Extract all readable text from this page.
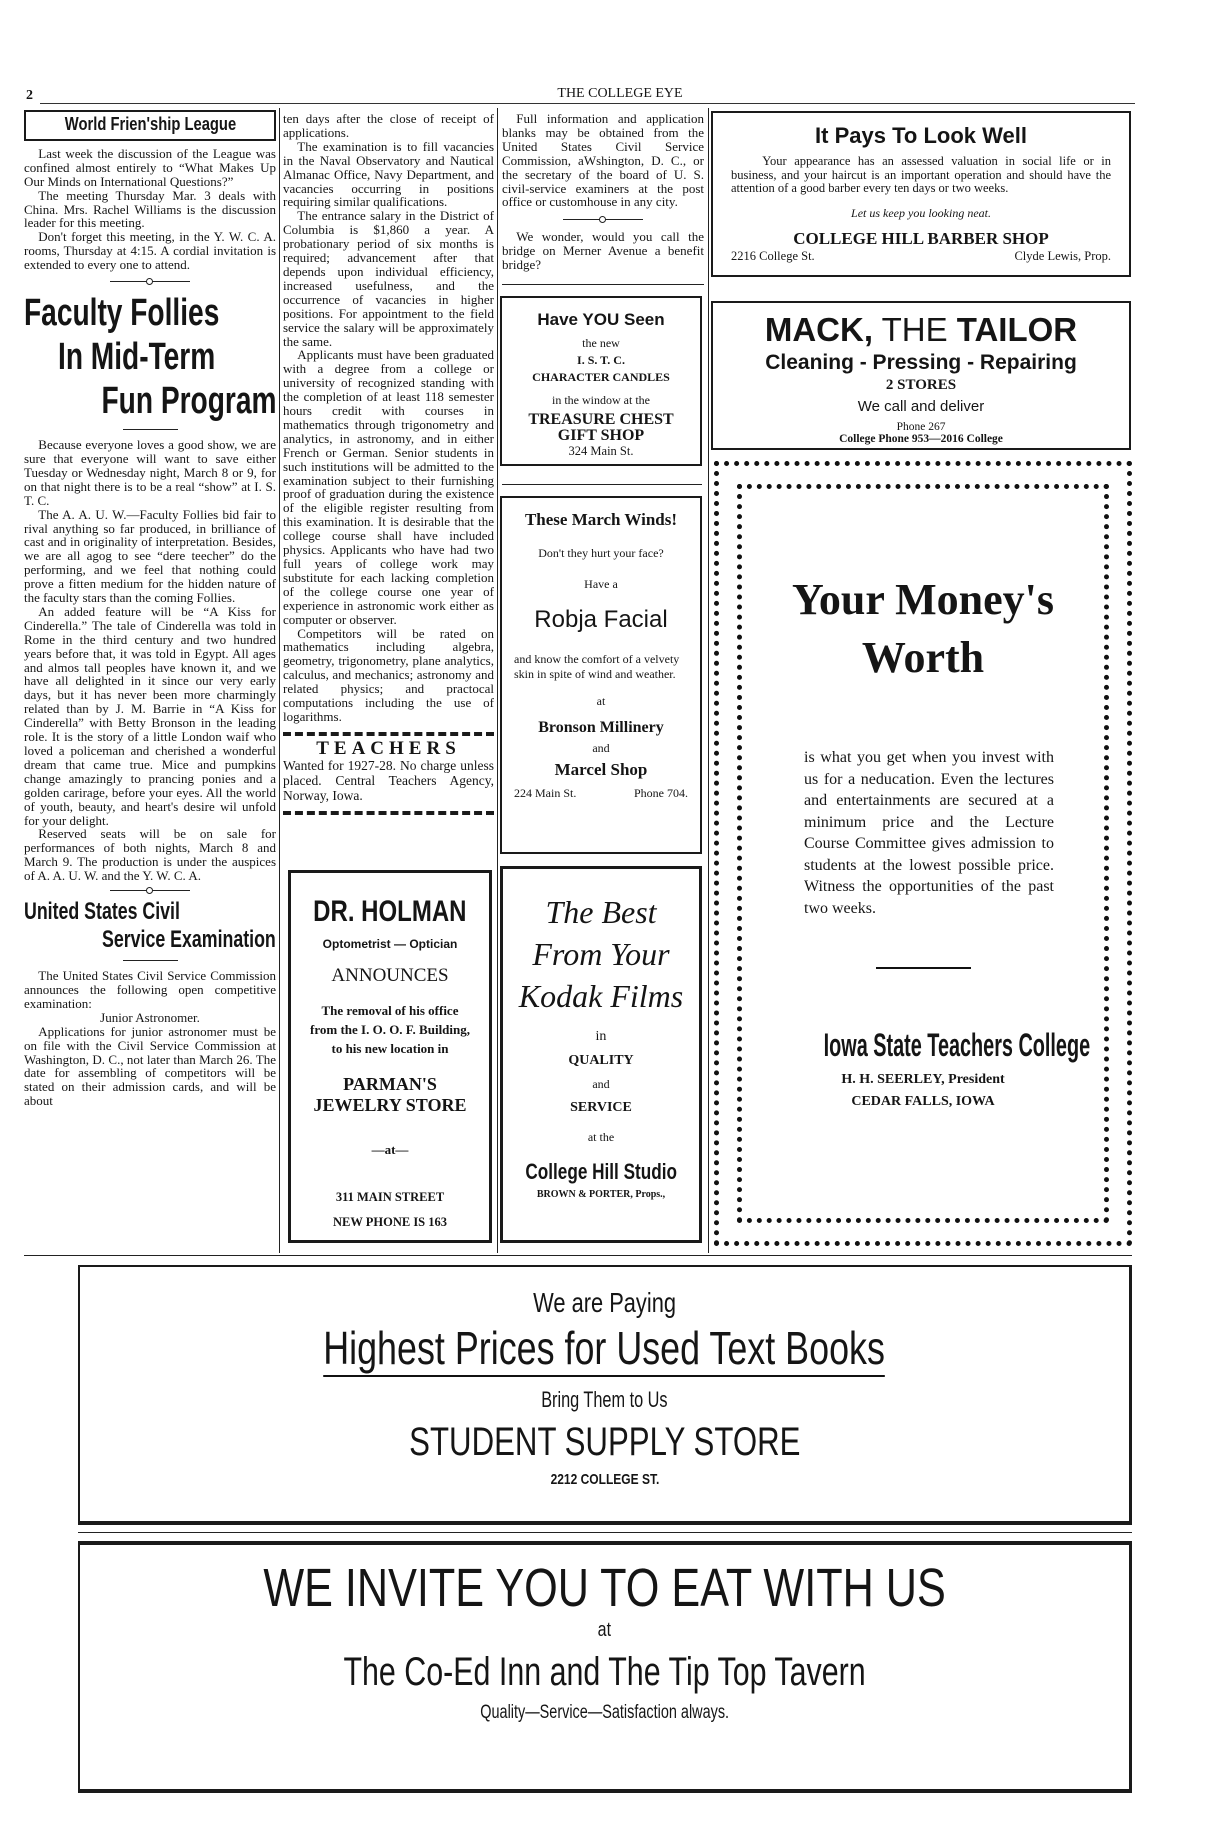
2	THE COLLEGE EYE
World Frien'ship League

Last week the discussion of the League was confined almost entirely to “What Makes Up Our Minds on International Questions?”

The meeting Thursday Mar. 3 deals with China. Mrs. Rachel Williams is the discussion leader for this meeting.

Don't forget this meeting, in the Y. W. C. A. rooms, Thursday at 4:15. A cordial invitation is extended to every one to attend.

Faculty Follies
In Mid-Term
Fun Program

Because everyone loves a good show, we are sure that everyone will want to save either Tuesday or Wednesday night, March 8 or 9, for on that night there is to be a real “show” at I. S. T. C.

The A. A. U. W.—Faculty Follies bid fair to rival anything so far produced, in brilliance of cast and in originality of interpretation. Besides, we are all agog to see “dere teecher” do the performing, and we feel that nothing could prove a fitten medium for the hidden nature of the faculty stars than the coming Follies.

An added feature will be “A Kiss for Cinderella.” The tale of Cinderella was told in Rome in the third century and two hundred years before that, it was told in Egypt. All ages and almos tall peoples have known it, and we have all delighted in it since our very early days, but it has never been more charmingly related than by J. M. Barrie in “A Kiss for Cinderella” with Betty Bronson in the leading role. It is the story of a little London waif who loved a policeman and cherished a wonderful dream that came true. Mice and pumpkins change amazingly to prancing ponies and a golden carirage, before your eyes. All the world of youth, beauty, and heart's desire wil unfold for your delight.

Reserved seats will be on sale for performances of both nights, March 8 and March 9. The production is under the auspices of A. A. U. W. and the Y. W. C. A.

United States Civil
Service Examination

The United States Civil Service Commission announces the following open competitive examination:

Junior Astronomer.

Applications for junior astronomer must be on file with the Civil Service Commission at Washington, D. C., not later than March 26. The date for assembling of competitors will be stated on their admission cards, and will be about

ten days after the close of receipt of applications.

The examination is to fill vacancies in the Naval Observatory and Nautical Almanac Office, Navy Department, and vacancies occurring in positions requiring similar qualifications.

The entrance salary in the District of Columbia is $1,860 a year. A probationary period of six months is required; advancement after that depends upon individual efficiency, increased usefulness, and the occurrence of vacancies in higher positions. For appointment to the field service the salary will be approximately the same.

Applicants must have been graduated with a degree from a college or university of recognized standing with the completion of at least 118 semester hours credit with courses in mathematics through trigonometry and analytics, in astronomy, and in either French or German. Senior students in such institutions will be admitted to the examination subject to their furnishing proof of graduation during the existence of the eligible register resulting from this examination. It is desirable that the college course shall have included physics. Applicants who have had two full years of college work may substitute for each lacking completion of the college course one year of experience in astronomic work either as computer or observer.

Competitors will be rated on mathematics including algebra, geometry, trigonometry, plane analytics, calculus, and mechanics; astronomy and related physics; and practocal computations including the use of logarithms.

TEACHERS

Wanted for 1927-28. No charge unless placed. Central Teachers Agency, Norway, Iowa.

DR. HOLMAN
Optometrist — Optician
ANNOUNCES
The removal of his office from the I. O. O. F. Building, to his new location in
PARMAN'S
JEWELRY STORE
—at—
311 MAIN STREET
NEW PHONE IS 163

Full information and application blanks may be obtained from the United States Civil Service Commission, aWshington, D. C., or the secretary of the board of U. S. civil-service examiners at the post office or customhouse in any city.

We wonder, would you call the bridge on Merner Avenue a benefit bridge?

Have YOU Seen
the new
I. S. T. C.
CHARACTER CANDLES
in the window at the
TREASURE CHEST
GIFT SHOP
324 Main St.
These March Winds!
Don't they hurt your face?
Have a
Robja Facial
and know the comfort of a velvety skin in spite of wind and weather.
at
Bronson Millinery
and
Marcel Shop
224 Main St.	Phone 704.
The Best
From Your
Kodak Films
in
QUALITY
and
SERVICE
at the
College Hill Studio
BROWN & PORTER, Props.,
It Pays To Look Well
Your appearance has an assessed valuation in social life or in business, and your haircut is an important operation and should have the attention of a good barber every ten days or two weeks.
Let us keep you looking neat.
COLLEGE HILL BARBER SHOP
2216 College St.	Clyde Lewis, Prop.
MACK, THE TAILOR
Cleaning - Pressing - Repairing
2 STORES
We call and deliver
Phone 267
College Phone 953—2016 College
Your Money's
Worth
is what you get when you invest with us for a neducation. Even the lectures and entertainments are secured at a minimum price and the Lecture Course Committee gives admission to students at the lowest possible price. Witness the opportunities of the past two weeks.
Iowa State Teachers College
H. H. SEERLEY, President
CEDAR FALLS, IOWA
We are Paying
Highest Prices for Used Text Books
Bring Them to Us
STUDENT SUPPLY STORE
2212 COLLEGE ST.
WE INVITE YOU TO EAT WITH US
at
The Co-Ed Inn and The Tip Top Tavern
Quality—Service—Satisfaction always.
